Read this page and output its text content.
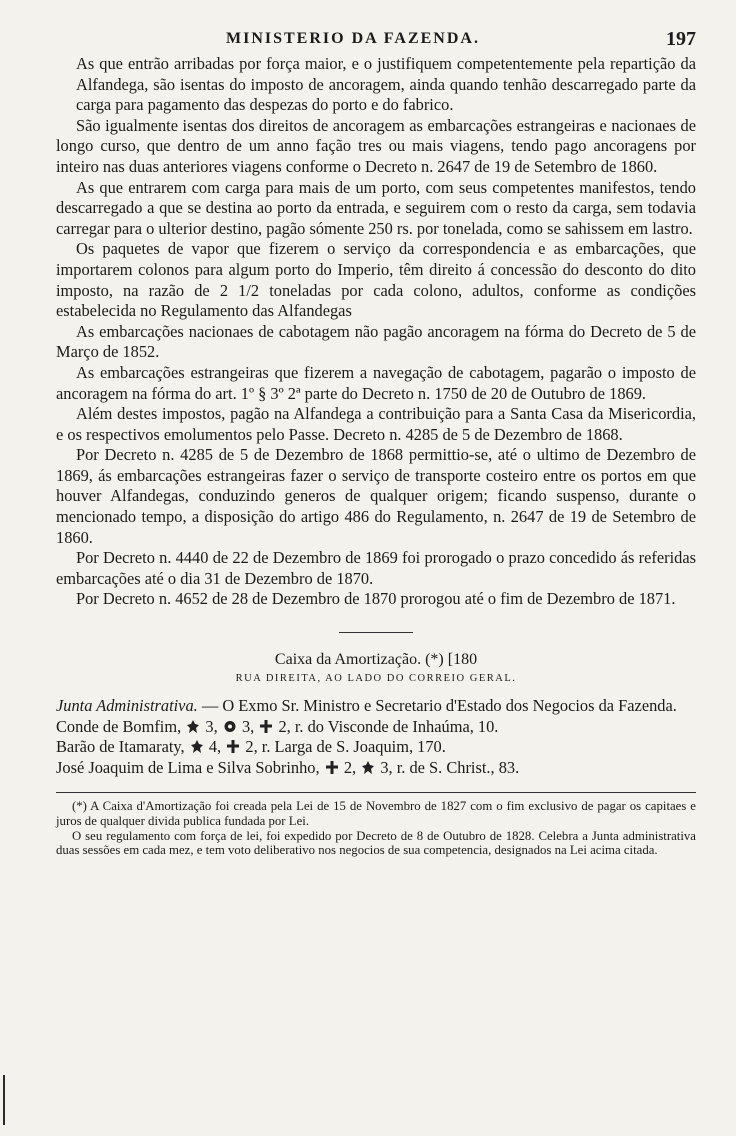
MINISTERIO DA FAZENDA.	197

As que entrão arribadas por força maior, e o justifiquem competentemente pela repartição da Alfandega, são isentas do imposto de ancoragem, ainda quando tenhão descarregado parte da carga para pagamento das despezas do porto e do fabrico.

São igualmente isentas dos direitos de ancoragem as embarcações estrangeiras e nacionaes de longo curso, que dentro de um anno fação tres ou mais viagens, tendo pago ancoragens por inteiro nas duas anteriores viagens conforme o Decreto n. 2647 de 19 de Setembro de 1860.

As que entrarem com carga para mais de um porto, com seus competentes manifestos, tendo descarregado a que se destina ao porto da entrada, e seguirem com o resto da carga, sem todavia carregar para o ulterior destino, pagão sómente 250 rs. por tonelada, como se sahissem em lastro.

Os paquetes de vapor que fizerem o serviço da correspondencia e as embarcações, que importarem colonos para algum porto do Imperio, têm direito á concessão do desconto do dito imposto, na razão de 2 1/2 toneladas por cada colono, adultos, conforme as condições estabelecida no Regulamento das Alfandegas

As embarcações nacionaes de cabotagem não pagão ancoragem na fórma do Decreto de 5 de Março de 1852.

As embarcações estrangeiras que fizerem a navegação de cabotagem, pagarão o imposto de ancoragem na fórma do art. 1º § 3º 2ª parte do Decreto n. 1750 de 20 de Outubro de 1869.

Além destes impostos, pagão na Alfandega a contribuição para a Santa Casa da Misericordia, e os respectivos emolumentos pelo Passe. Decreto n. 4285 de 5 de Dezembro de 1868.

Por Decreto n. 4285 de 5 de Dezembro de 1868 permittio-se, até o ultimo de Dezembro de 1869, ás embarcações estrangeiras fazer o serviço de transporte costeiro entre os portos em que houver Alfandegas, conduzindo generos de qualquer origem; ficando suspenso, durante o mencionado tempo, a disposição do artigo 486 do Regulamento, n. 2647 de 19 de Setembro de 1860.

Por Decreto n. 4440 de 22 de Dezembro de 1869 foi prorogado o prazo concedido ás referidas embarcações até o dia 31 de Dezembro de 1870.

Por Decreto n. 4652 de 28 de Dezembro de 1870 prorogou até o fim de Dezembro de 1871.

Caixa da Amortização. (*) [180
RUA DIREITA, AO LADO DO CORREIO GERAL.

Junta Administrativa. — O Exmo Sr. Ministro e Secretario d'Estado dos Negocios da Fazenda.

Conde de Bomfim, 3, 3, 2, r. do Visconde de Inhaúma, 10.

Barão de Itamaraty, 4, 2, r. Larga de S. Joaquim, 170.

José Joaquim de Lima e Silva Sobrinho, 2, 3, r. de S. Christ., 83.

(*) A Caixa d'Amortização foi creada pela Lei de 15 de Novembro de 1827 com o fim exclusivo de pagar os capitaes e juros de qualquer divida publica fundada por Lei.

O seu regulamento com força de lei, foi expedido por Decreto de 8 de Outubro de 1828. Celebra a Junta administrativa duas sessões em cada mez, e tem voto deliberativo nos negocios de sua competencia, designados na Lei acima citada.
